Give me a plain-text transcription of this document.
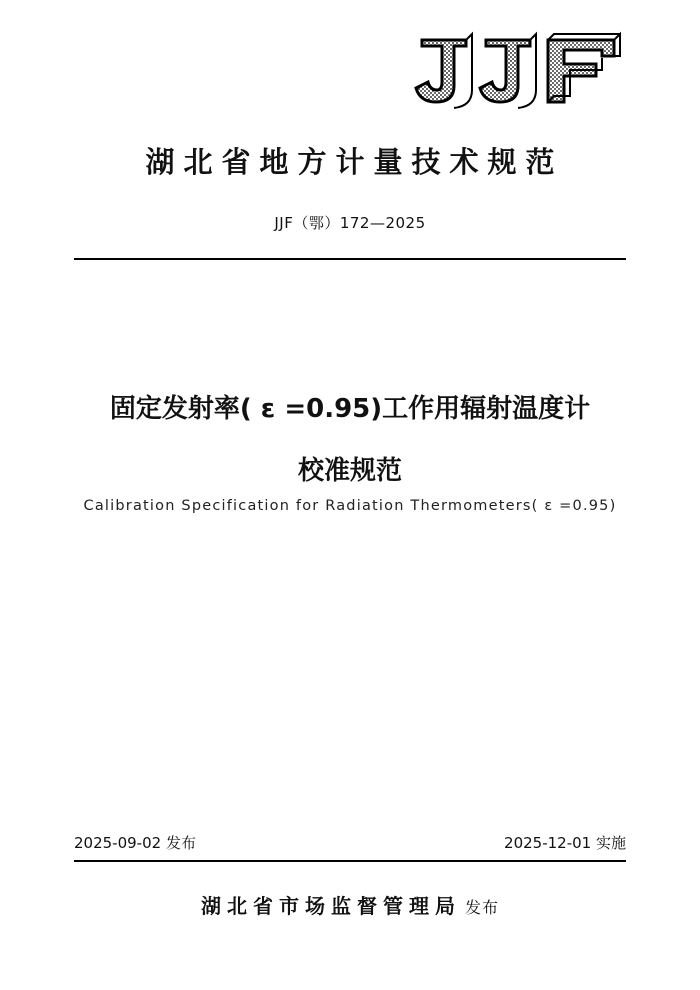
湖北省地方计量技术规范
JJF（鄂）172—2025
固定发射率( ε =0.95)工作用辐射温度计
校准规范
Calibration Specification for Radiation Thermometers( ε =0.95)
2025-09-02 发布	2025-12-01 实施
湖北省市场监督管理局 发布
